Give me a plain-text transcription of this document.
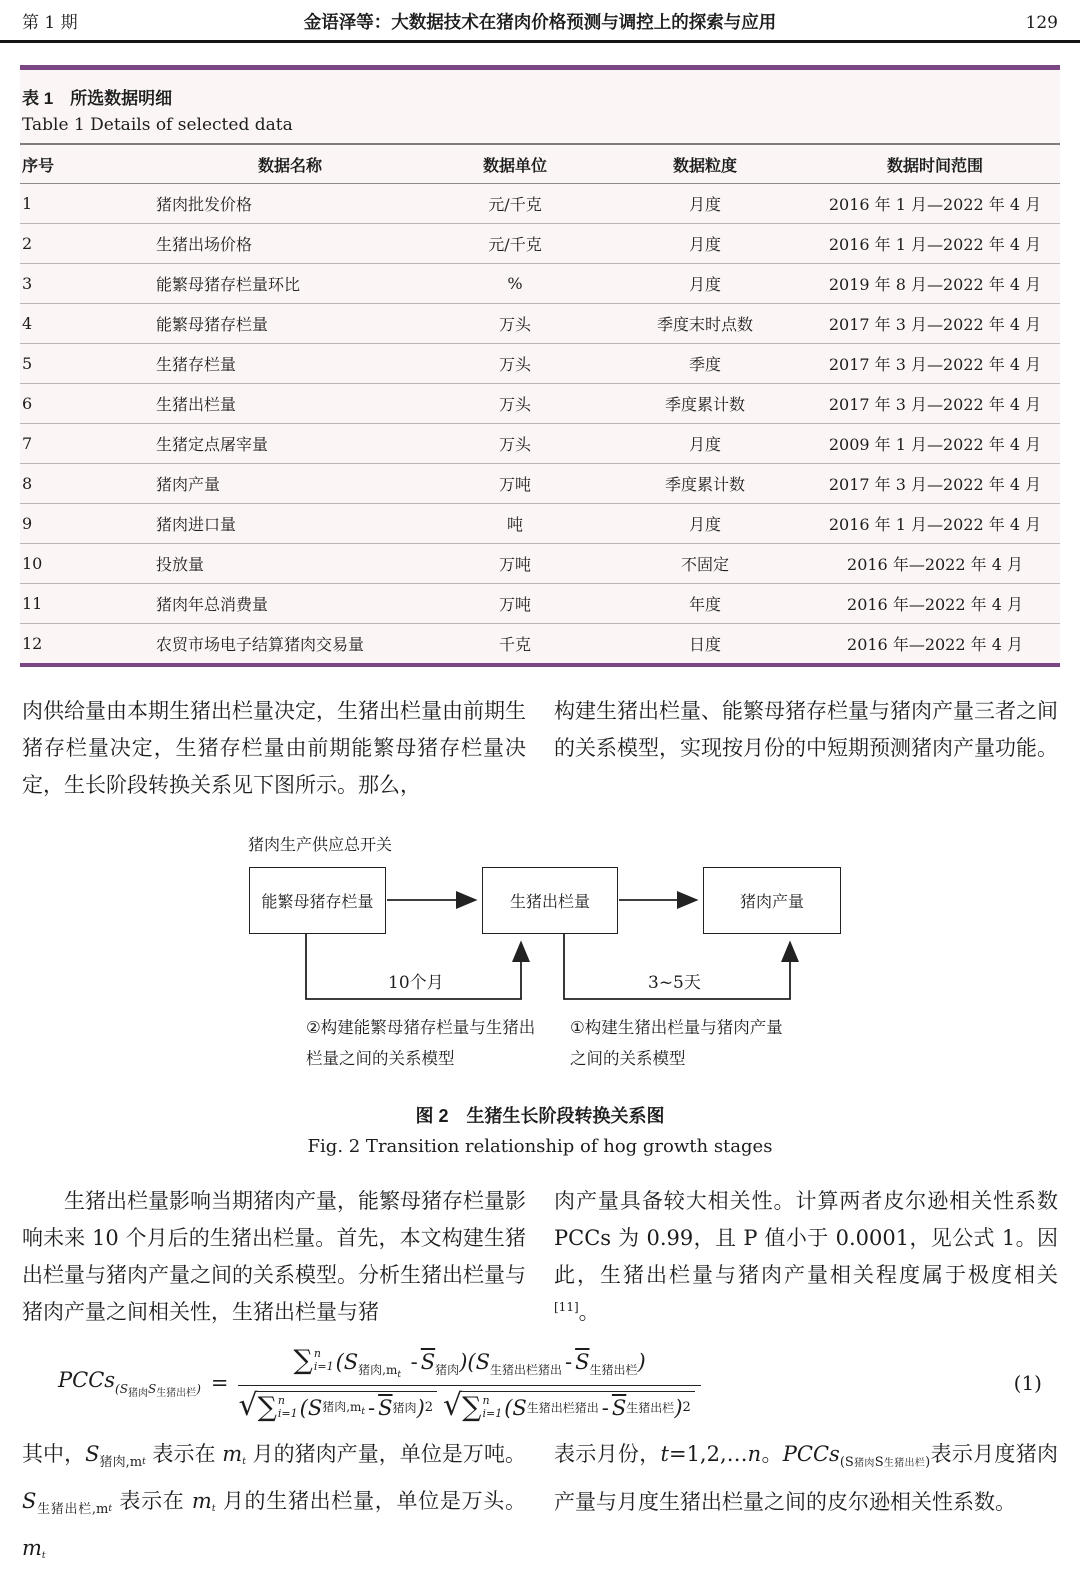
第 1 期	金语泽等：大数据技术在猪肉价格预测与调控上的探索与应用	129
表 1　所选数据明细
Table 1 Details of selected data
序号	数据名称	数据单位	数据粒度	数据时间范围
1	猪肉批发价格	元/千克	月度	2016 年 1 月—2022 年 4 月
2	生猪出场价格	元/千克	月度	2016 年 1 月—2022 年 4 月
3	能繁母猪存栏量环比	%	月度	2019 年 8 月—2022 年 4 月
4	能繁母猪存栏量	万头	季度末时点数	2017 年 3 月—2022 年 4 月
5	生猪存栏量	万头	季度	2017 年 3 月—2022 年 4 月
6	生猪出栏量	万头	季度累计数	2017 年 3 月—2022 年 4 月
7	生猪定点屠宰量	万头	月度	2009 年 1 月—2022 年 4 月
8	猪肉产量	万吨	季度累计数	2017 年 3 月—2022 年 4 月
9	猪肉进口量	吨	月度	2016 年 1 月—2022 年 4 月
10	投放量	万吨	不固定	2016 年—2022 年 4 月
11	猪肉年总消费量	万吨	年度	2016 年—2022 年 4 月
12	农贸市场电子结算猪肉交易量	千克	日度	2016 年—2022 年 4 月
肉供给量由本期生猪出栏量决定，生猪出栏量由前期生猪存栏量决定，生猪存栏量由前期能繁母猪存栏量决定，生长阶段转换关系见下图所示。那么，
构建生猪出栏量、能繁母猪存栏量与猪肉产量三者之间的关系模型，实现按月份的中短期预测猪肉产量功能。
猪肉生产供应总开关
能繁母猪存栏量	生猪出栏量	猪肉产量
10个月	3~5天
②构建能繁母猪存栏量与生猪出
栏量之间的关系模型
①构建生猪出栏量与猪肉产量
之间的关系模型
图 2　生猪生长阶段转换关系图
Fig. 2 Transition relationship of hog growth stages
生猪出栏量影响当期猪肉产量，能繁母猪存栏量影响未来 10 个月后的生猪出栏量。首先，本文构建生猪出栏量与猪肉产量之间的关系模型。分析生猪出栏量与猪肉产量之间相关性，生猪出栏量与猪
肉产量具备较大相关性。计算两者皮尔逊相关性系数 PCCs 为 0.99，且 P 值小于 0.0001，见公式 1。因此，生猪出栏量与猪肉产量相关程度属于极度相关[11]。
PCCs$_{(S_{猪肉}S_{生猪出栏})}$ = ∑ n
i=1 $(S_{猪肉,m_t} - \overline{S}_{猪肉})(S_{生猪出栏猪出} - \overline{S}_{生猪出栏})$
√ ∑ n
i=1 (S 猪肉$,m_t - \overline{S}$ 猪肉 ) 2 √ ∑ n
i=1 (S 生猪出栏猪出 - $\overline{S}$ 生猪出栏 ) 2	(1)
其中，$S_{猪肉,m}t$ 表示在 mt 月的猪肉产量，单位是万吨。$S_{生猪出栏,m}t$ 表示在 mt 月的生猪出栏量，单位是万头。mt
表示月份，t=1,2,…n。PCCs$_{(S猪肉S生猪出栏)}$表示月度猪肉产量与月度生猪出栏量之间的皮尔逊相关性系数。
